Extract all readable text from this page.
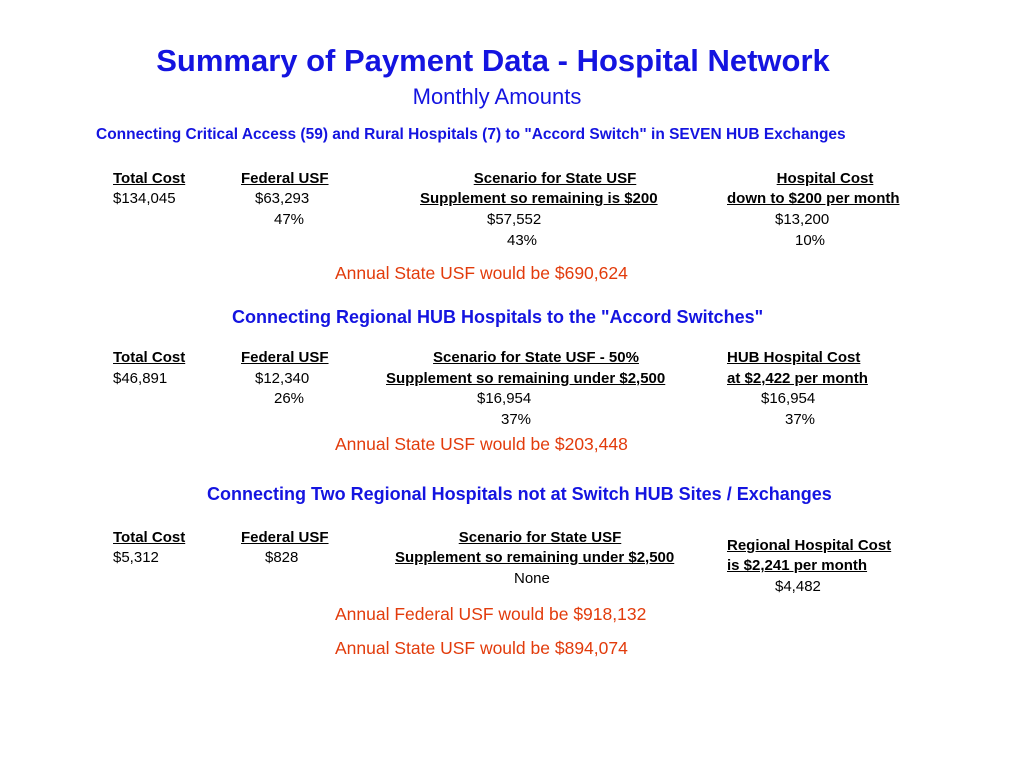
Summary of Payment Data - Hospital Network
Monthly Amounts
Connecting Critical Access (59) and Rural Hospitals (7) to "Accord Switch" in SEVEN HUB Exchanges
Total Cost
$134,045
Federal USF
$63,293
47%
Scenario for State USF
Supplement so remaining is $200
$57,552
43%
Hospital Cost
down to $200 per month
$13,200
10%
Annual State USF would be $690,624
Connecting Regional HUB Hospitals to the "Accord Switches"
Total Cost
$46,891
Federal USF
$12,340
26%
Scenario for State USF - 50%
Supplement so remaining under $2,500
$16,954
37%
HUB Hospital Cost
at $2,422 per month
$16,954
37%
Annual State USF would be $203,448
Connecting Two Regional Hospitals not at Switch HUB Sites / Exchanges
Total Cost
$5,312
Federal USF
$828
Scenario for State USF
Supplement so remaining under $2,500
None
Regional Hospital Cost
is $2,241 per month
$4,482
Annual Federal USF would be $918,132
Annual State USF would be $894,074
